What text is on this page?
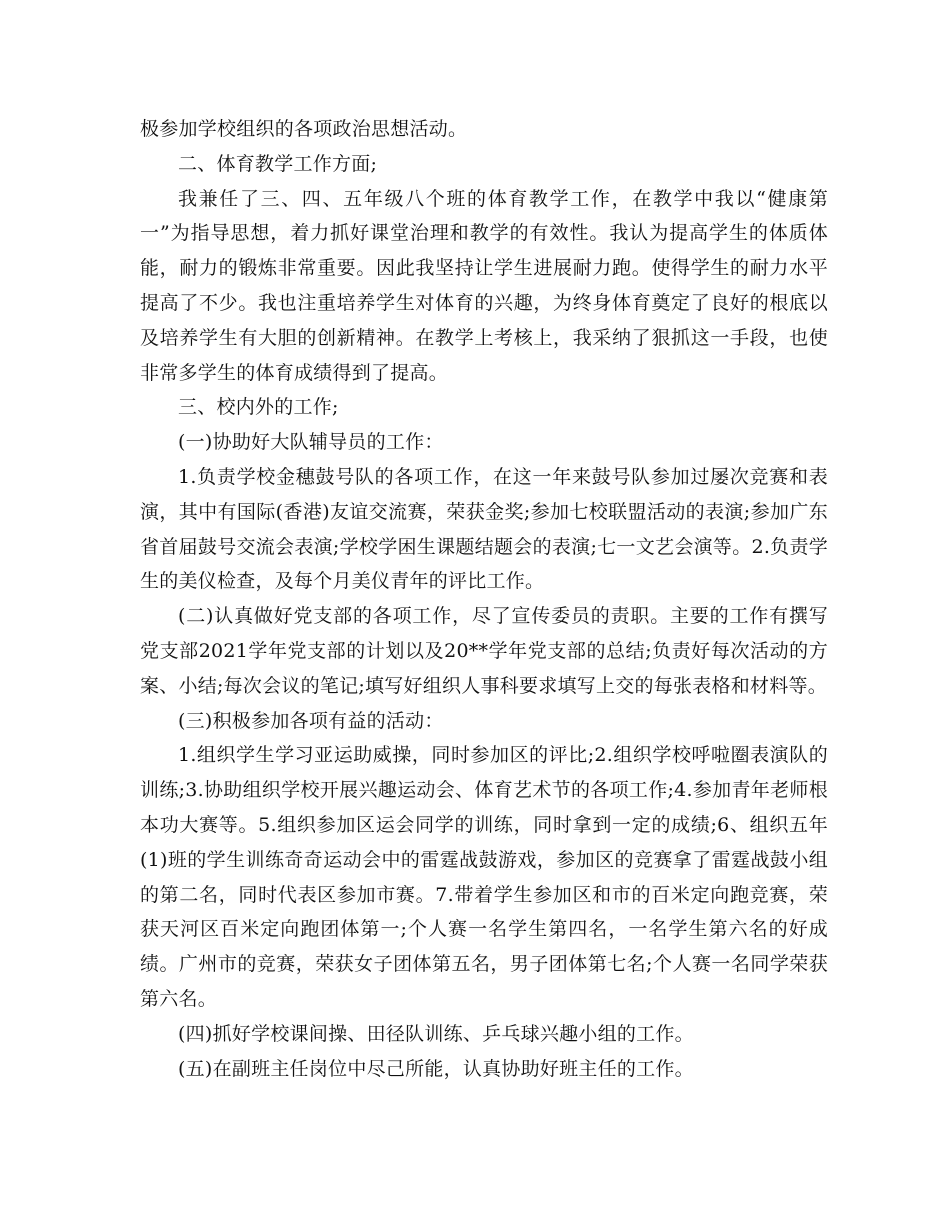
极参加学校组织的各项政治思想活动。

二、体育教学工作方面;

我兼任了三、四、五年级八个班的体育教学工作，在教学中我以“健康第一”为指导思想，着力抓好课堂治理和教学的有效性。我认为提高学生的体质体能，耐力的锻炼非常重要。因此我坚持让学生进展耐力跑。使得学生的耐力水平提高了不少。我也注重培养学生对体育的兴趣，为终身体育奠定了良好的根底以及培养学生有大胆的创新精神。在教学上考核上，我采纳了狠抓这一手段，也使非常多学生的体育成绩得到了提高。

三、校内外的工作;

(一)协助好大队辅导员的工作：

1.负责学校金穗鼓号队的各项工作，在这一年来鼓号队参加过屡次竞赛和表演，其中有国际(香港)友谊交流赛，荣获金奖;参加七校联盟活动的表演;参加广东省首届鼓号交流会表演;学校学困生课题结题会的表演;七一文艺会演等。2.负责学生的美仪检查，及每个月美仪青年的评比工作。

(二)认真做好党支部的各项工作，尽了宣传委员的责职。主要的工作有撰写党支部2021学年党支部的计划以及20**学年党支部的总结;负责好每次活动的方案、小结;每次会议的笔记;填写好组织人事科要求填写上交的每张表格和材料等。

(三)积极参加各项有益的活动：

1.组织学生学习亚运助威操，同时参加区的评比;2.组织学校呼啦圈表演队的训练;3.协助组织学校开展兴趣运动会、体育艺术节的各项工作;4.参加青年老师根本功大赛等。5.组织参加区运会同学的训练，同时拿到一定的成绩;6、组织五年(1)班的学生训练奇奇运动会中的雷霆战鼓游戏，参加区的竞赛拿了雷霆战鼓小组的第二名，同时代表区参加市赛。7.带着学生参加区和市的百米定向跑竞赛，荣获天河区百米定向跑团体第一;个人赛一名学生第四名，一名学生第六名的好成绩。广州市的竞赛，荣获女子团体第五名，男子团体第七名;个人赛一名同学荣获第六名。

(四)抓好学校课间操、田径队训练、乒乓球兴趣小组的工作。

(五)在副班主任岗位中尽己所能，认真协助好班主任的工作。
